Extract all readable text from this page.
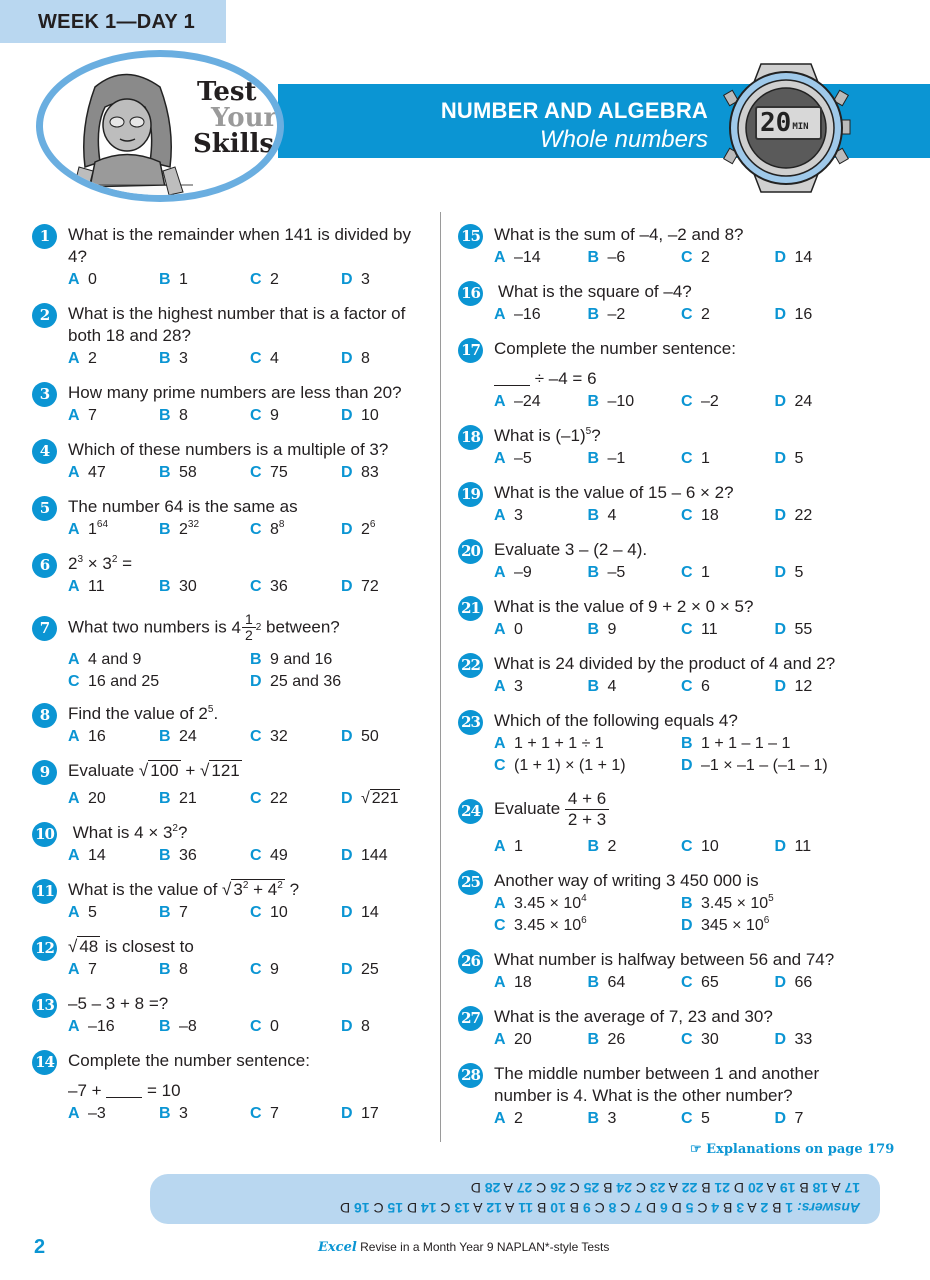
WEEK 1—DAY 1
NUMBER AND ALGEBRA
Whole numbers
Test
Your
Skills
20MIN
1	What is the remainder when 141 is divided by 4?
A 0	B 1	C 2	D 3
2	What is the highest number that is a factor of both 18 and 28?
A 2	B 3	C 4	D 8
3	How many prime numbers are less than 20?
A 7	B 8	C 9	D 10
4	Which of these numbers is a multiple of 3?
A 47	B 58	C 75	D 83
5	The number 64 is the same as
A $1^{64}$	B $2^{32}$	C $8^8$	D $2^6$
6	$2^3 \times 3^2$ =
A 11	B 30	C 36	D 72
7	What two numbers is $4 \frac{1}{2} 2$ between?
A 4 and 9	B 9 and 16
C 16 and 25	D 25 and 36
8	Find the value of $2^5$.
A 16	B 24	C 32	D 50
9	Evaluate √ 100 + √ 121
A 20	B 21	C 22	D √ 221
10 What is $4 \times 3^2$?
A 14	B 36	C 49	D 144
11 What is the value of √ $3^2 + 4^2$ ?
A 5	B 7	C 10	D 14
12 √ 48 is closest to
A 7	B 8	C 9	D 25
13 –5 – 3 + 8 =?
A –16	B –8	C 0	D 8
14 Complete the number sentence:
–7 +	= 10
A –3	B 3	C 7	D 17
15 What is the sum of –4, –2 and 8?
A –14	B –6	C 2	D 14
16 What is the square of –4?
A –16	B –2	C 2	D 16
17 Complete the number sentence:
÷ –4 = 6
A –24	B –10	C –2	D 24
18 What is $(-1)^5$?
A –5	B –1	C 1	D 5
19 What is the value of 15 – 6 × 2?
A 3	B 4	C 18	D 22
20 Evaluate 3 – (2 – 4).
A –9	B –5	C 1	D 5
21 What is the value of 9 + 2 × 0 × 5?
A 0	B 9	C 11	D 55
22 What is 24 divided by the product of 4 and 2?
A 3	B 4	C 6	D 12
23 Which of the following equals 4?
A 1 + 1 + 1 ÷ 1	B 1 + 1 – 1 – 1
C (1 + 1) × (1 + 1)	D –1 × –1 – (–1 – 1)
24 Evaluate $\frac{4 + 6}{2 + 3}$
A 1	B 2	C 10	D 11
25 Another way of writing 3 450 000 is
A $3.45 \times 10^4$	B $3.45 \times 10^5$
C $3.45 \times 10^6$	D $345 \times 10^6$
26 What number is halfway between 56 and 74?
A 18	B 64	C 65	D 66
27 What is the average of 7, 23 and 30?
A 20	B 26	C 30	D 33
28 The middle number between 1 and another number is 4. What is the other number?
A 2	B 3	C 5	D 7
☞ Explanations on page 179
Answers: 1 B 2 A 3 B 4 C 5 D 6 D 7 C 8 C 9 B 10 B 11 A 12 A 13 C 14 D 15 C 16 D
17 A 18 B 19 A 20 D 21 B 22 A 23 C 24 B 25 C 26 C 27 A 28 D
2	Excel Revise in a Month Year 9 NAPLAN*-style Tests
